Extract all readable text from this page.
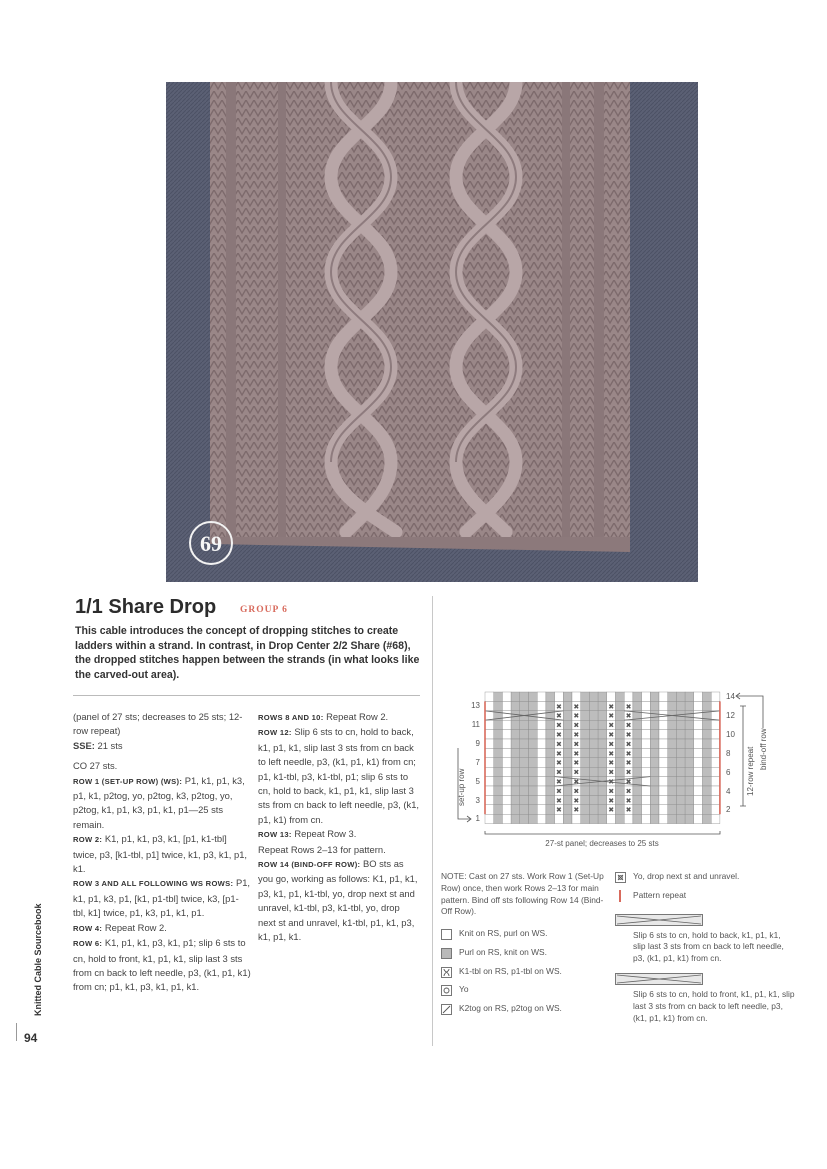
69
1/1 Share Drop	GROUP 6

This cable introduces the concept of dropping stitches to create ladders within a strand. In contrast, in Drop Center 2/2 Share (#68), the dropped stitches happen between the strands (in what looks like the carved-out area).

(panel of 27 sts; decreases to 25 sts; 12-row repeat)

SSE: 21 sts

CO 27 sts.

ROW 1 (SET-UP ROW) (WS): P1, k1, p1, k3, p1, k1, p2tog, yo, p2tog, k3, p2tog, yo, p2tog, k1, p1, k3, p1, k1, p1—25 sts remain.

ROW 2: K1, p1, k1, p3, k1, [p1, k1-tbl] twice, p3, [k1-tbl, p1] twice, k1, p3, k1, p1, k1.

ROW 3 AND ALL FOLLOWING WS ROWS: P1, k1, p1, k3, p1, [k1, p1-tbl] twice, k3, [p1-tbl, k1] twice, p1, k3, p1, k1, p1.

ROW 4: Repeat Row 2.

ROW 6: K1, p1, k1, p3, k1, p1; slip 6 sts to cn, hold to front, k1, p1, k1, slip last 3 sts from cn back to left needle, p3, (k1, p1, k1) from cn; p1, k1, p3, k1, p1, k1.

ROWS 8 AND 10: Repeat Row 2.

ROW 12: Slip 6 sts to cn, hold to back, k1, p1, k1, slip last 3 sts from cn back to left needle, p3, (k1, p1, k1) from cn; p1, k1-tbl, p3, k1-tbl, p1; slip 6 sts to cn, hold to back, k1, p1, k1, slip last 3 sts from cn back to left needle, p3, (k1, p1, k1) from cn.

ROW 13: Repeat Row 3.

Repeat Rows 2–13 for pattern.

ROW 14 (BIND-OFF ROW): BO sts as you go, working as follows: K1, p1, k1, p3, k1, p1, k1-tbl, yo, drop next st and unravel, k1-tbl, p3, k1-tbl, yo, drop next st and unravel, k1-tbl, p1, k1, p3, k1, p1, k1.

✖
✖
✖
✖
✖
✖
✖
✖
✖
✖
✖
✖
✖
✖
✖
✖
✖
✖
✖
✖
✖
✖
✖
✖
✖
✖
✖
✖
✖
✖
✖
✖
✖
✖
✖
✖
✖
✖
✖
✖
✖
✖
✖
✖
✖
✖
✖
✖
13
11
9
7
5
3
1
14
12
10
8
6
4
2
set-up row	12-row repeat bind-off row
27-st panel; decreases to 25 sts

NOTE: Cast on 27 sts. Work Row 1 (Set-Up Row) once, then work Rows 2–13 for main pattern. Bind off sts following Row 14 (Bind-Off Row).

Knit on RS, purl on WS.
Purl on RS, knit on WS.
K1-tbl on RS, p1-tbl on WS.
Yo
K2tog on RS, p2tog on WS.
Yo, drop next st and unravel.
Pattern repeat
Slip 6 sts to cn, hold to back, k1, p1, k1, slip last 3 sts from cn back to left needle, p3, (k1, p1, k1) from cn.
Slip 6 sts to cn, hold to front, k1, p1, k1, slip last 3 sts from cn back to left needle, p3, (k1, p1, k1) from cn.
Knitted Cable Sourcebook
94
